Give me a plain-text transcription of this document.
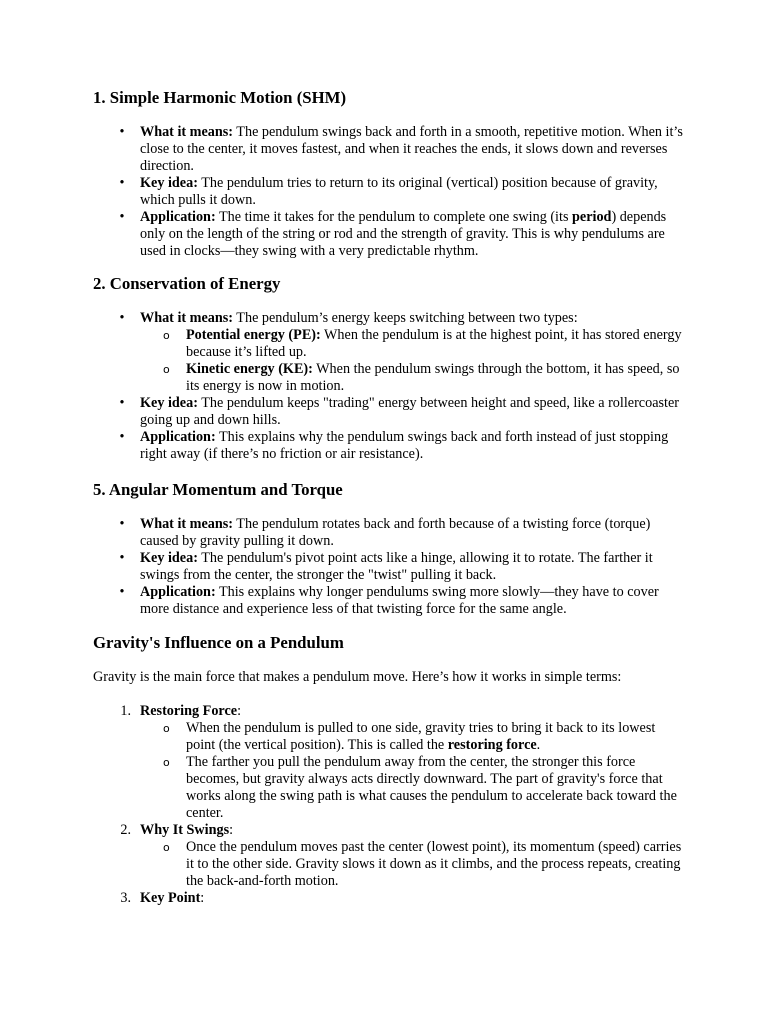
1. Simple Harmonic Motion (SHM)
•	What it means: The pendulum swings back and forth in a smooth, repetitive motion. When it’s close to the center, it moves fastest, and when it reaches the ends, it slows down and reverses direction.
•	Key idea: The pendulum tries to return to its original (vertical) position because of gravity, which pulls it down.
•	Application: The time it takes for the pendulum to complete one swing (its period) depends only on the length of the string or rod and the strength of gravity. This is why pendulums are used in clocks—they swing with a very predictable rhythm.
2. Conservation of Energy
•	What it means: The pendulum’s energy keeps switching between two types:
o Potential energy (PE): When the pendulum is at the highest point, it has stored energy because it’s lifted up.
o Kinetic energy (KE): When the pendulum swings through the bottom, it has speed, so its energy is now in motion.
•	Key idea: The pendulum keeps "trading" energy between height and speed, like a rollercoaster going up and down hills.
•	Application: This explains why the pendulum swings back and forth instead of just stopping right away (if there’s no friction or air resistance).
5. Angular Momentum and Torque
•	What it means: The pendulum rotates back and forth because of a twisting force (torque) caused by gravity pulling it down.
•	Key idea: The pendulum's pivot point acts like a hinge, allowing it to rotate. The farther it swings from the center, the stronger the "twist" pulling it back.
•	Application: This explains why longer pendulums swing more slowly—they have to cover more distance and experience less of that twisting force for the same angle.
Gravity's Influence on a Pendulum

Gravity is the main force that makes a pendulum move. Here’s how it works in simple terms:

1. Restoring Force:
o When the pendulum is pulled to one side, gravity tries to bring it back to its lowest point (the vertical position). This is called the restoring force.
o The farther you pull the pendulum away from the center, the stronger this force becomes, but gravity always acts directly downward. The part of gravity's force that works along the swing path is what causes the pendulum to accelerate back toward the center.
2. Why It Swings:
o Once the pendulum moves past the center (lowest point), its momentum (speed) carries it to the other side. Gravity slows it down as it climbs, and the process repeats, creating the back-and-forth motion.
3. Key Point:
